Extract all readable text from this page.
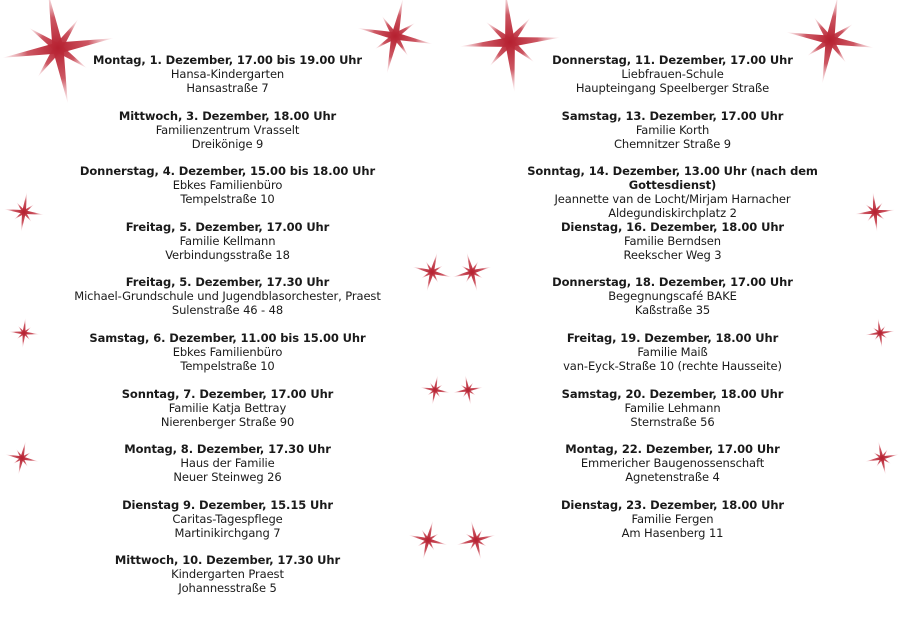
Montag, 1. Dezember, 17.00 bis 19.00 Uhr
Hansa-Kindergarten
Hansastraße 7
Mittwoch, 3. Dezember, 18.00 Uhr
Familienzentrum Vrasselt
Dreikönige 9
Donnerstag, 4. Dezember, 15.00 bis 18.00 Uhr
Ebkes Familienbüro
Tempelstraße 10
Freitag, 5. Dezember, 17.00 Uhr
Familie Kellmann
Verbindungsstraße 18
Freitag, 5. Dezember, 17.30 Uhr
Michael-Grundschule und Jugendblasorchester, Praest
Sulenstraße 46 - 48
Samstag, 6. Dezember, 11.00 bis 15.00 Uhr
Ebkes Familienbüro
Tempelstraße 10
Sonntag, 7. Dezember, 17.00 Uhr
Familie Katja Bettray
Nierenberger Straße 90
Montag, 8. Dezember, 17.30 Uhr
Haus der Familie
Neuer Steinweg 26
Dienstag 9. Dezember, 15.15 Uhr
Caritas-Tagespflege
Martinikirchgang 7
Mittwoch, 10. Dezember, 17.30 Uhr
Kindergarten Praest
Johannesstraße 5
Donnerstag, 11. Dezember, 17.00 Uhr
Liebfrauen-Schule
Haupteingang Speelberger Straße
Samstag, 13. Dezember, 17.00 Uhr
Familie Korth
Chemnitzer Straße 9
Sonntag, 14. Dezember, 13.00 Uhr (nach dem Gottesdienst)
Jeannette van de Locht/Mirjam Harnacher
Aldegundiskirchplatz 2
Dienstag, 16. Dezember, 18.00 Uhr
Familie Berndsen
Reekscher Weg 3
Donnerstag, 18. Dezember, 17.00 Uhr
Begegnungscafé BAKE
Kaßstraße 35
Freitag, 19. Dezember, 18.00 Uhr
Familie Maiß
van-Eyck-Straße 10 (rechte Hausseite)
Samstag, 20. Dezember, 18.00 Uhr
Familie Lehmann
Sternstraße 56
Montag, 22. Dezember, 17.00 Uhr
Emmericher Baugenossenschaft
Agnetenstraße 4
Dienstag, 23. Dezember, 18.00 Uhr
Familie Fergen
Am Hasenberg 11
